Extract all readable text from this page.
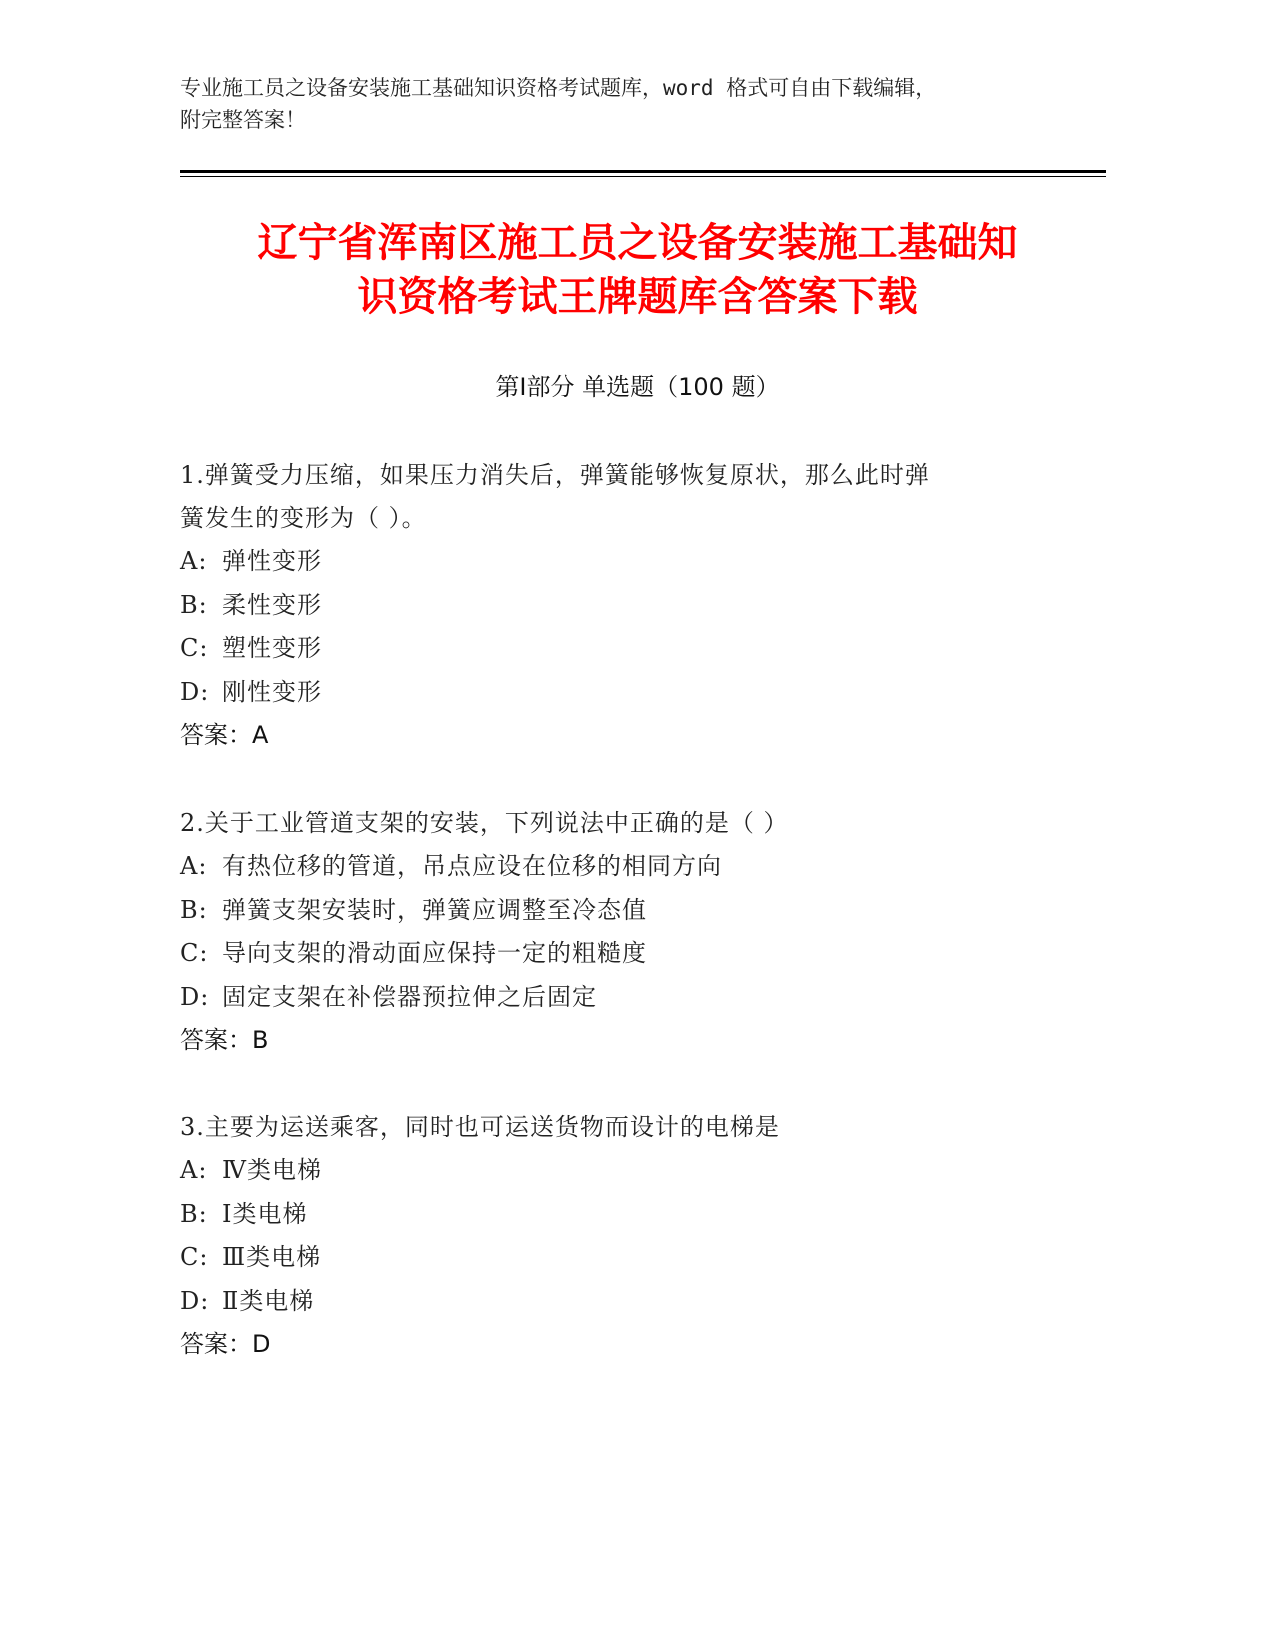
专业施工员之设备安装施工基础知识资格考试题库，word 格式可自由下载编辑，
附完整答案！
辽宁省浑南区施工员之设备安装施工基础知
识资格考试王牌题库含答案下载
第Ⅰ部分 单选题（100 题）
1.弹簧受力压缩，如果压力消失后，弹簧能够恢复原状，那么此时弹
簧发生的变形为（ ）。
A: 弹性变形
B: 柔性变形
C: 塑性变形
D: 刚性变形
答案：A
2.关于工业管道支架的安装，下列说法中正确的是（ ）
A: 有热位移的管道，吊点应设在位移的相同方向
B: 弹簧支架安装时，弹簧应调整至冷态值
C: 导向支架的滑动面应保持一定的粗糙度
D: 固定支架在补偿器预拉伸之后固定
答案：B
3.主要为运送乘客，同时也可运送货物而设计的电梯是
A: Ⅳ类电梯
B: Ⅰ类电梯
C: Ⅲ类电梯
D: Ⅱ类电梯
答案：D
